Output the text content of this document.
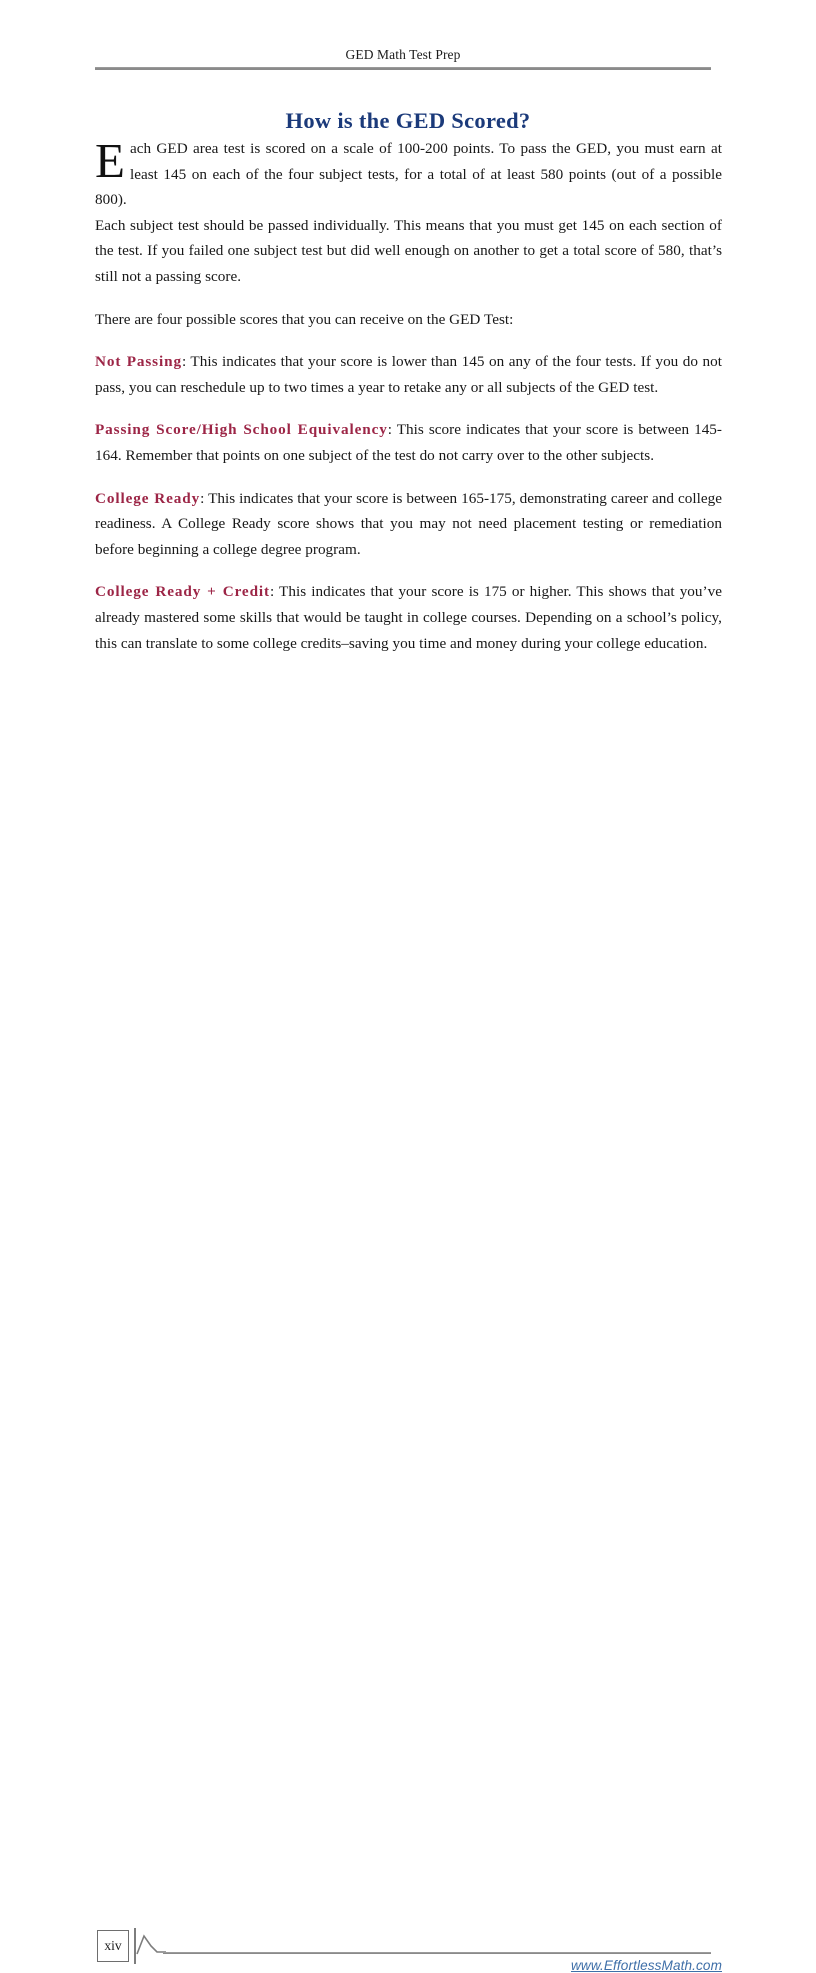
GED Math Test Prep
How is the GED Scored?

Each GED area test is scored on a scale of 100-200 points. To pass the GED, you must earn at least 145 on each of the four subject tests, for a total of at least 580 points (out of a possible 800).

Each subject test should be passed individually. This means that you must get 145 on each section of the test. If you failed one subject test but did well enough on another to get a total score of 580, that’s still not a passing score.

There are four possible scores that you can receive on the GED Test:

Not Passing: This indicates that your score is lower than 145 on any of the four tests. If you do not pass, you can reschedule up to two times a year to retake any or all subjects of the GED test.

Passing Score/High School Equivalency: This score indicates that your score is between 145-164. Remember that points on one subject of the test do not carry over to the other subjects.

College Ready: This indicates that your score is between 165-175, demonstrating career and college readiness. A College Ready score shows that you may not need placement testing or remediation before beginning a college degree program.

College Ready + Credit: This indicates that your score is 175 or higher. This shows that you’ve already mastered some skills that would be taught in college courses. Depending on a school’s policy, this can translate to some college credits–saving you time and money during your college education.

xiv
www.EffortlessMath.com
